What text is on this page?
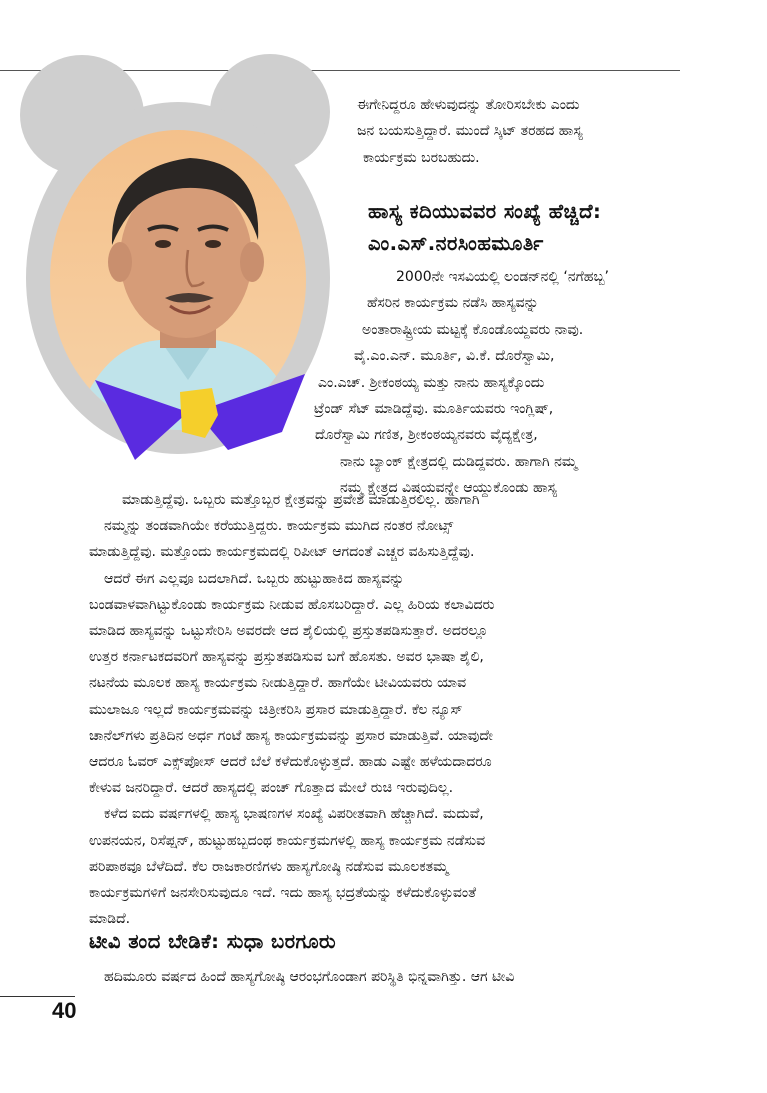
ಈಗೇನಿದ್ದರೂ ಹೇಳುವುದನ್ನು ತೋರಿಸಬೇಕು ಎಂದು
ಜನ ಬಯಸುತ್ತಿದ್ದಾರೆ. ಮುಂದೆ ಸ್ಕಿಟ್ ತರಹದ ಹಾಸ್ಯ
ಕಾರ್ಯಕ್ರಮ ಬರಬಹುದು.
ಹಾಸ್ಯ ಕದಿಯುವವರ ಸಂಖ್ಯೆ ಹೆಚ್ಚಿದೆ:
ಎಂ.ಎಸ್.ನರಸಿಂಹಮೂರ್ತಿ
2000ನೇ ಇಸವಿಯಲ್ಲಿ ಲಂಡನ್‌ನಲ್ಲಿ ‘ನಗೆಹಬ್ಬ’
ಹೆಸರಿನ ಕಾರ್ಯಕ್ರಮ ನಡೆಸಿ ಹಾಸ್ಯವನ್ನು
ಅಂತಾರಾಷ್ಟ್ರೀಯ ಮಟ್ಟಕ್ಕೆ ಕೊಂಡೊಯ್ದವರು ನಾವು.
ವೈ.ಎಂ.ಎನ್. ಮೂರ್ತಿ, ವಿ.ಕೆ. ದೊರೆಸ್ವಾಮಿ,
ಎಂ.ಎಚ್. ಶ್ರೀಕಂಠಯ್ಯ ಮತ್ತು ನಾನು ಹಾಸ್ಯಕ್ಕೊಂದು
ಟ್ರೆಂಡ್ ಸೆಟ್ ಮಾಡಿದ್ದೆವು. ಮೂರ್ತಿಯವರು ಇಂಗ್ಲಿಷ್,
ದೊರೆಸ್ವಾಮಿ ಗಣಿತ, ಶ್ರೀಕಂಠಯ್ಯನವರು ವೈದ್ಯಕ್ಷೇತ್ರ,
ನಾನು ಬ್ಯಾಂಕ್ ಕ್ಷೇತ್ರದಲ್ಲಿ ದುಡಿದ್ದವರು. ಹಾಗಾಗಿ ನಮ್ಮ
ನಮ್ಮ ಕ್ಷೇತ್ರದ ವಿಷಯವನ್ನೇ ಆಯ್ದುಕೊಂಡು ಹಾಸ್ಯ
ಮಾಡುತ್ತಿದ್ದೆವು. ಒಬ್ಬರು ಮತ್ತೊಬ್ಬರ ಕ್ಷೇತ್ರವನ್ನು ಪ್ರವೇಶ ಮಾಡುತ್ತಿರಲಿಲ್ಲ. ಹಾಗಾಗಿ
ನಮ್ಮನ್ನು ತಂಡವಾಗಿಯೇ ಕರೆಯುತ್ತಿದ್ದರು. ಕಾರ್ಯಕ್ರಮ ಮುಗಿದ ನಂತರ ನೋಟ್ಸ್
ಮಾಡುತ್ತಿದ್ದೆವು. ಮತ್ತೊಂದು ಕಾರ್ಯಕ್ರಮದಲ್ಲಿ ರಿಪೀಟ್ ಆಗದಂತೆ ಎಚ್ಚರ ವಹಿಸುತ್ತಿದ್ದೆವು.
ಆದರೆ ಈಗ ಎಲ್ಲವೂ ಬದಲಾಗಿದೆ. ಒಬ್ಬರು ಹುಟ್ಟುಹಾಕಿದ ಹಾಸ್ಯವನ್ನು
ಬಂಡವಾಳವಾಗಿಟ್ಟುಕೊಂಡು ಕಾರ್ಯಕ್ರಮ ನೀಡುವ ಹೊಸಬರಿದ್ದಾರೆ. ಎಲ್ಲ ಹಿರಿಯ ಕಲಾವಿದರು
ಮಾಡಿದ ಹಾಸ್ಯವನ್ನು ಒಟ್ಟುಸೇರಿಸಿ ಅವರದೇ ಆದ ಶೈಲಿಯಲ್ಲಿ ಪ್ರಸ್ತುತಪಡಿಸುತ್ತಾರೆ. ಅದರಲ್ಲೂ
ಉತ್ತರ ಕರ್ನಾಟಕದವರಿಗೆ ಹಾಸ್ಯವನ್ನು ಪ್ರಸ್ತುತಪಡಿಸುವ ಬಗೆ ಹೊಸತು. ಅವರ ಭಾಷಾ ಶೈಲಿ,
ನಟನೆಯ ಮೂಲಕ ಹಾಸ್ಯ ಕಾರ್ಯಕ್ರಮ ನೀಡುತ್ತಿದ್ದಾರೆ. ಹಾಗೆಯೇ ಟೀವಿಯವರು ಯಾವ
ಮುಲಾಜೂ ಇಲ್ಲದೆ ಕಾರ್ಯಕ್ರಮವನ್ನು ಚಿತ್ರೀಕರಿಸಿ ಪ್ರಸಾರ ಮಾಡುತ್ತಿದ್ದಾರೆ. ಕೆಲ ನ್ಯೂಸ್
ಚಾನೆಲ್‌ಗಳು ಪ್ರತಿದಿನ ಅರ್ಧ ಗಂಟೆ ಹಾಸ್ಯ ಕಾರ್ಯಕ್ರಮವನ್ನು ಪ್ರಸಾರ ಮಾಡುತ್ತಿವೆ. ಯಾವುದೇ
ಆದರೂ ಓವರ್ ಎಕ್ಸ್‌ಪೋಸ್ ಆದರೆ ಬೆಲೆ ಕಳೆದುಕೊಳ್ಳುತ್ತದೆ. ಹಾಡು ಎಷ್ಟೇ ಹಳೆಯದಾದರೂ
ಕೇಳುವ ಜನರಿದ್ದಾರೆ. ಆದರೆ ಹಾಸ್ಯದಲ್ಲಿ ಪಂಚ್ ಗೊತ್ತಾದ ಮೇಲೆ ರುಚಿ ಇರುವುದಿಲ್ಲ.
ಕಳೆದ ಐದು ವರ್ಷಗಳಲ್ಲಿ ಹಾಸ್ಯ ಭಾಷಣಗಳ ಸಂಖ್ಯೆ ವಿಪರೀತವಾಗಿ ಹೆಚ್ಚಾಗಿದೆ. ಮದುವೆ,
ಉಪನಯನ, ರಿಸೆಪ್ಷನ್, ಹುಟ್ಟುಹಬ್ಬದಂಥ ಕಾರ್ಯಕ್ರಮಗಳಲ್ಲಿ ಹಾಸ್ಯ ಕಾರ್ಯಕ್ರಮ ನಡೆಸುವ
ಪರಿಪಾಠವೂ ಬೆಳೆದಿದೆ. ಕೆಲ ರಾಜಕಾರಣಿಗಳು ಹಾಸ್ಯಗೋಷ್ಠಿ ನಡೆಸುವ ಮೂಲಕತಮ್ಮ
ಕಾರ್ಯಕ್ರಮಗಳಿಗೆ ಜನಸೇರಿಸುವುದೂ ಇದೆ. ಇದು ಹಾಸ್ಯ ಭದ್ರತೆಯನ್ನು ಕಳೆದುಕೊಳ್ಳುವಂತೆ
ಮಾಡಿದೆ.
ಟೀವಿ ತಂದ ಬೇಡಿಕೆ: ಸುಧಾ ಬರಗೂರು
ಹದಿಮೂರು ವರ್ಷದ ಹಿಂದೆ ಹಾಸ್ಯಗೋಷ್ಠಿ ಆರಂಭಗೊಂಡಾಗ ಪರಿಸ್ಥಿತಿ ಭಿನ್ನವಾಗಿತ್ತು. ಆಗ ಟೀವಿ
40
